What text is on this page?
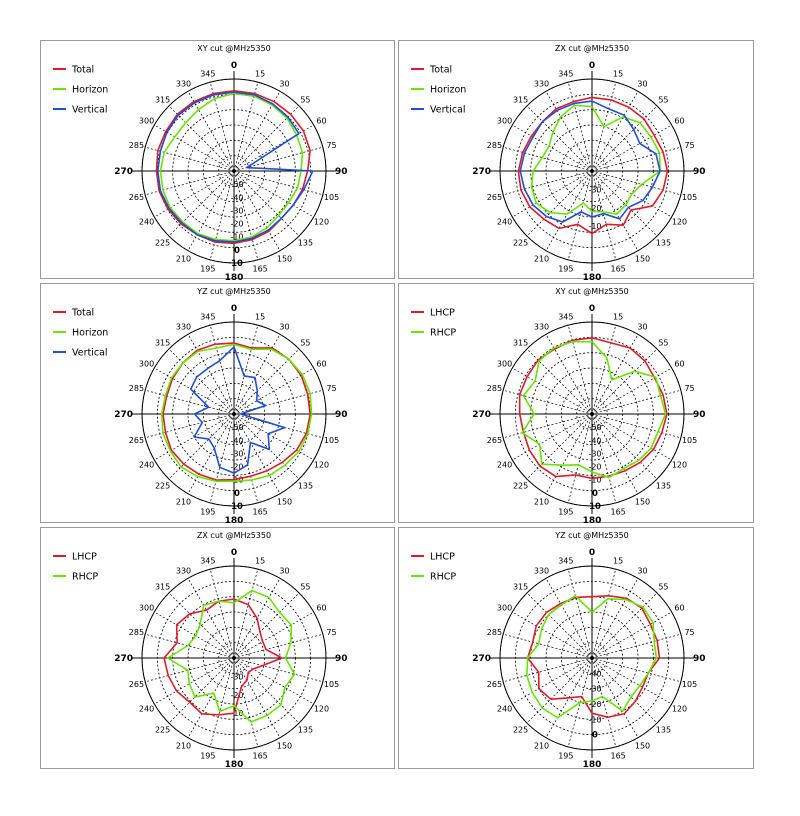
XY cut @MHz5350
0
15
30
55
60
75
90
105
120
135
150
165
180
195
210
225
240
265
270
285
300
315
330
345
-50
-40
-30
-20
-10
0
10
Total
Horizon
Vertical
ZX cut @MHz5350
0
15
30
55
60
75
90
105
120
135
150
165
180
195
210
225
240
265
270
285
300
315
330
345
-30
-20
-10
Total
Horizon
Vertical
YZ cut @MHz5350
0
15
30
55
60
75
90
105
120
135
150
165
180
195
210
225
240
265
270
285
300
315
330
345
-50
-40
-30
-20
-10
0
10
Total
Horizon
Vertical
XY cut @MHz5350
0
15
30
55
60
75
90
105
120
135
150
165
180
195
210
225
240
265
270
285
300
315
330
345
-50
-40
-30
-20
-10
0
10
LHCP
RHCP
ZX cut @MHz5350
0
15
30
55
60
75
90
105
120
135
150
165
180
195
210
225
240
265
270
285
300
315
330
345
-30
-20
-10
LHCP
RHCP
YZ cut @MHz5350
0
15
30
55
60
75
90
105
120
135
150
165
180
195
210
225
240
265
270
285
300
315
330
345
-40
-30
-20
-10
0
LHCP
RHCP
